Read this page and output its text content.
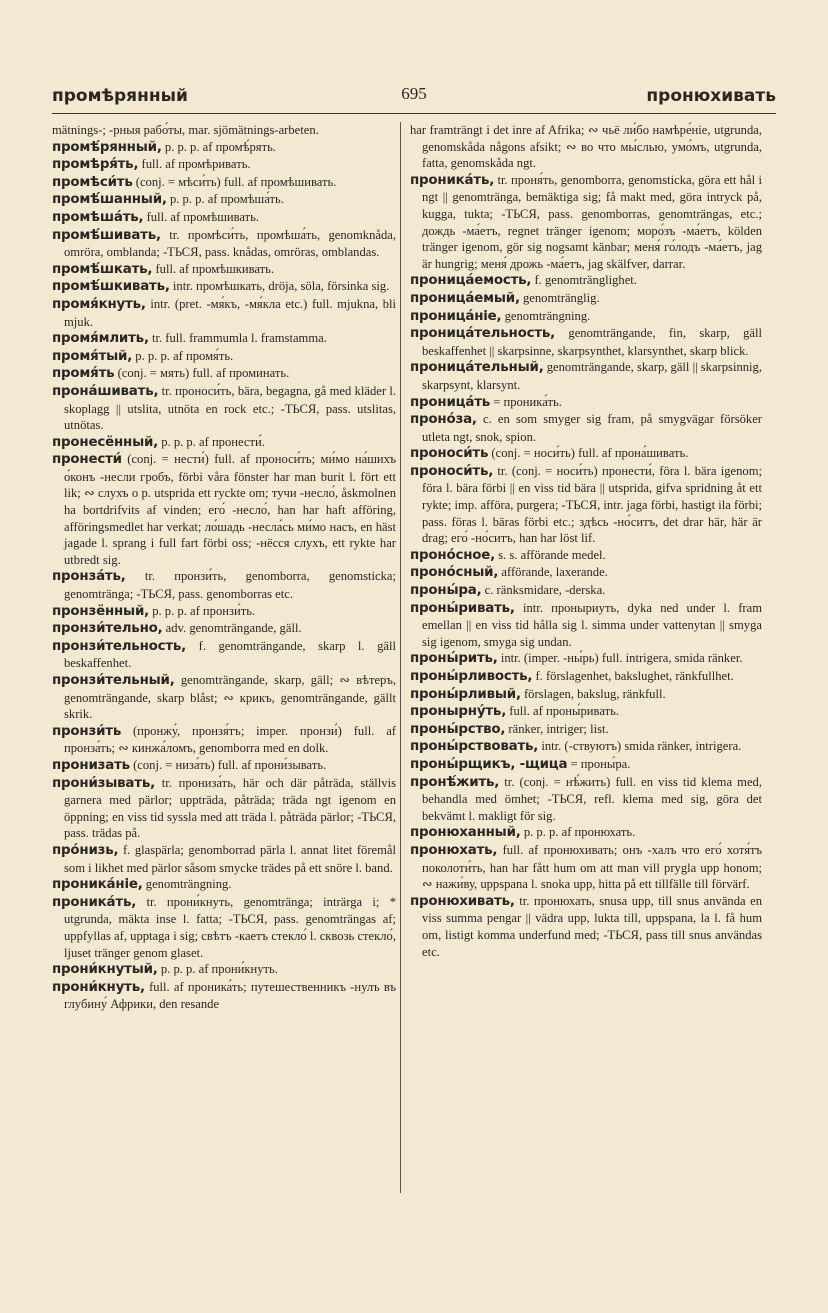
промѣрянный	695	пронюхивать

mätnings-; -рныя рабо́ты, mar. sjömätnings-arbeten.

промѣ́рянный, p. p. p. af промѣ́рять.

промѣря́ть, full. af промѣривать.

промѣси́ть (conj. = мѣси́ть) full. af промѣшивать.

промѣ́шанный, p. p. p. af промѣша́ть.

промѣша́ть, full. af промѣшивать.

промѣ́шивать, tr. промѣси́ть, промѣша́ть, genomknåda, omröra, omblanda; -ТЬСЯ, pass. knådas, omröras, omblandas.

промѣ́шкать, full. af промѣшкивать.

промѣ́шкивать, intr. промѣшкать, dröja, söla, försinka sig.

промя́кнуть, intr. (pret. -мя́къ, -мя́кла etc.) full. mjukna, bli mjuk.

промя́млить, tr. full. frammumla l. framstamma.

промя́тый, p. p. p. af промя́ть.

промя́ть (conj. = мять) full. af проминать.

прона́шивать, tr. проноси́ть, bära, begagna, gå med kläder l. skoplagg || utslita, utnöta en rock etc.; -ТЬСЯ, pass. utslitas, utnötas.

пронесённый, p. p. p. af пронести́.

пронести́ (conj. = нести́) full. af проноси́ть; ми́мо на́шихъ о́конъ -несли гробъ, förbi våra fönster har man burit l. fört ett lik; ∾ слухъ o p. utsprida ett ryckte om; тучи -несло́, åskmolnen ha bortdrifvits af vinden; его́ -несло́, han har haft afföring, afföringsmedlet har verkat; ло́шадь -несла́сь ми́мо насъ, en häst jagade l. sprang i full fart förbi oss; -нёсся слухъ, ett rykte har utbredt sig.

пронза́ть, tr. пронзи́ть, genomborra, genomsticka; genomtränga; -ТЬСЯ, pass. genomborras etc.

пронзённый, p. p. p. af пронзи́ть.

пронзи́тельно, adv. genomträngande, gäll.

пронзи́тельность, f. genomträngande, skarp l. gäll beskaffenhet.

пронзи́тельный, genomträngande, skarp, gäll; ∾ вѣтеръ, genomträngande, skarp blåst; ∾ крикъ, genomträngande, gällt skrik.

пронзи́ть (пронжу́, пронзя́тъ; imper. пронзи́) full. af пронза́ть; ∾ кинжа́ломъ, genomborra med en dolk.

пронизать (conj. = низа́ть) full. af прони́зывать.

прони́зывать, tr. прониза́ть, här och där påträda, ställvis garnera med pärlor; uppträda, påträda; träda ngt igenom en öppning; en viss tid syssla med att träda l. påträda pärlor; -ТЬСЯ, pass. trädas på.

про́низь, f. glaspärla; genomborrad pärla l. annat litet föremål som i likhet med pärlor såsom smycke trädes på ett snöre l. band.

проника́ніе, genomträngning.

проника́ть, tr. прони́кнуть, genomtränga; inträrga i; * utgrunda, mäkta inse l. fatta; -ТЬСЯ, pass. genomträngas af; uppfyllas af, upptaga i sig; свѣтъ -каетъ стекло́ l. сквозь стекло́, ljuset tränger genom glaset.

прони́кнутый, p. p. p. af прони́кнуть.

прони́кнуть, full. af проника́ть; путешественникъ -нулъ въ глубину́ Африки, den resande

har framträngt i det inre af Afrika; ∾ чьё ли́бо намѣре́ніе, utgrunda, genomskåda någons afsikt; ∾ во что мы́слью, умо́мъ, utgrunda, fatta, genomskåda ngt.

проника́ть, tr. проня́ть, genomborra, genomsticka, göra ett hål i ngt || genomtränga, bemäktiga sig; få makt med, göra intryck på, kugga, tukta; -ТЬСЯ, pass. genomborras, genomträngas, etc.; дождь -ма́етъ, regnet tränger igenom; моро́зъ -ма́етъ, kölden tränger igenom, gör sig nogsamt känbar; меня́ го́лодъ -ма́етъ, jag är hungrig; меня́ дрожь -ма́етъ, jag skälfver, darrar.

проница́емость, f. genomtränglighet.

проница́емый, genomtränglig.

проница́ніе, genomträngning.

проница́тельность, genomträngande, fin, skarp, gäll beskaffenhet || skarpsinne, skarpsynthet, klarsynthet, skarp blick.

проница́тельный, genomträngande, skarp, gäll || skarpsinnig, skarpsynt, klarsynt.

проница́ть = проника́ть.

проно́за, c. en som smyger sig fram, på smygvägar försöker utleta ngt, snok, spion.

проноси́ть (conj. = носи́ть) full. af прона́шивать.

проноси́ть, tr. (conj. = носи́ть) пронести́, föra l. bära igenom; föra l. bära förbi || en viss tid bära || utsprida, gifva spridning åt ett rykte; imp. afföra, purgera; -ТЬСЯ, intr. jaga förbi, hastigt ila förbi; pass. föras l. bäras förbi etc.; здѣсь -но́ситъ, det drar här, här är drag; его́ -но́ситъ, han har löst lif.

проно́сное, s. s. afförande medel.

проно́сный, afförande, laxerande.

проны́ра, c. ränksmidare, -derska.

проны́ривать, intr. проныриуть, dyka ned under l. fram emellan || en viss tid hålla sig l. simma under vattenytan || smyga sig igenom, smyga sig undan.

проны́рить, intr. (imper. -ны́рь) full. intrigera, smida ränker.

проны́рливость, f. förslagenhet, bakslughet, ränkfullhet.

проны́рливый, förslagen, bakslug, ränkfull.

пронырну́ть, full. af проны́ривать.

проны́рство, ränker, intriger; list.

проны́рствовать, intr. (-ствуютъ) smida ränker, intrigera.

проны́рщикъ, -щица = проны́ра.

пронѣ́жить, tr. (conj. = нѣ́жить) full. en viss tid klema med, behandla med ömhet; -ТЬСЯ, refl. klema med sig, göra det bekvämt l. makligt för sig.

пронюханный, p. p. p. af пронюхать.

пронюхать, full. af пронюхивать; онъ -халъ что его́ хотя́тъ поколоти́ть, han har fått hum om att man vill prygla upp honom; ∾ нажи́ву, uppspana l. snoka upp, hitta på ett tillfälle till förvärf.

пронюхивать, tr. пронюхать, snusa upp, till snus använda en viss summa pengar || vädra upp, lukta till, uppspana, la l. få hum om, listigt komma underfund med; -ТЬСЯ, pass till snus användas etc.
